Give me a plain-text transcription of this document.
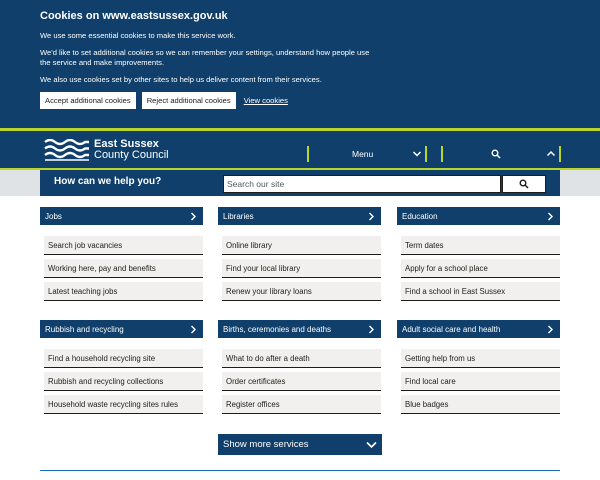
Cookies on www.eastsussex.gov.uk

We use some essential cookies to make this service work.

We'd like to set additional cookies so we can remember your settings, understand how people use the service and make improvements.

We also use cookies set by other sites to help us deliver content from their services.

Accept additional cookies	Reject additional cookies	View cookies
East Sussex
County Council	Menu
How can we help you?
Search our site
Jobs
Search job vacancies
Working here, pay and benefits
Latest teaching jobs
Libraries
Online library
Find your local library
Renew your library loans
Education
Term dates
Apply for a school place
Find a school in East Sussex
Rubbish and recycling
Find a household recycling site
Rubbish and recycling collections
Household waste recycling sites rules
Births, ceremonies and deaths
What to do after a death
Order certificates
Register offices
Adult social care and health
Getting help from us
Find local care
Blue badges
Show more services
